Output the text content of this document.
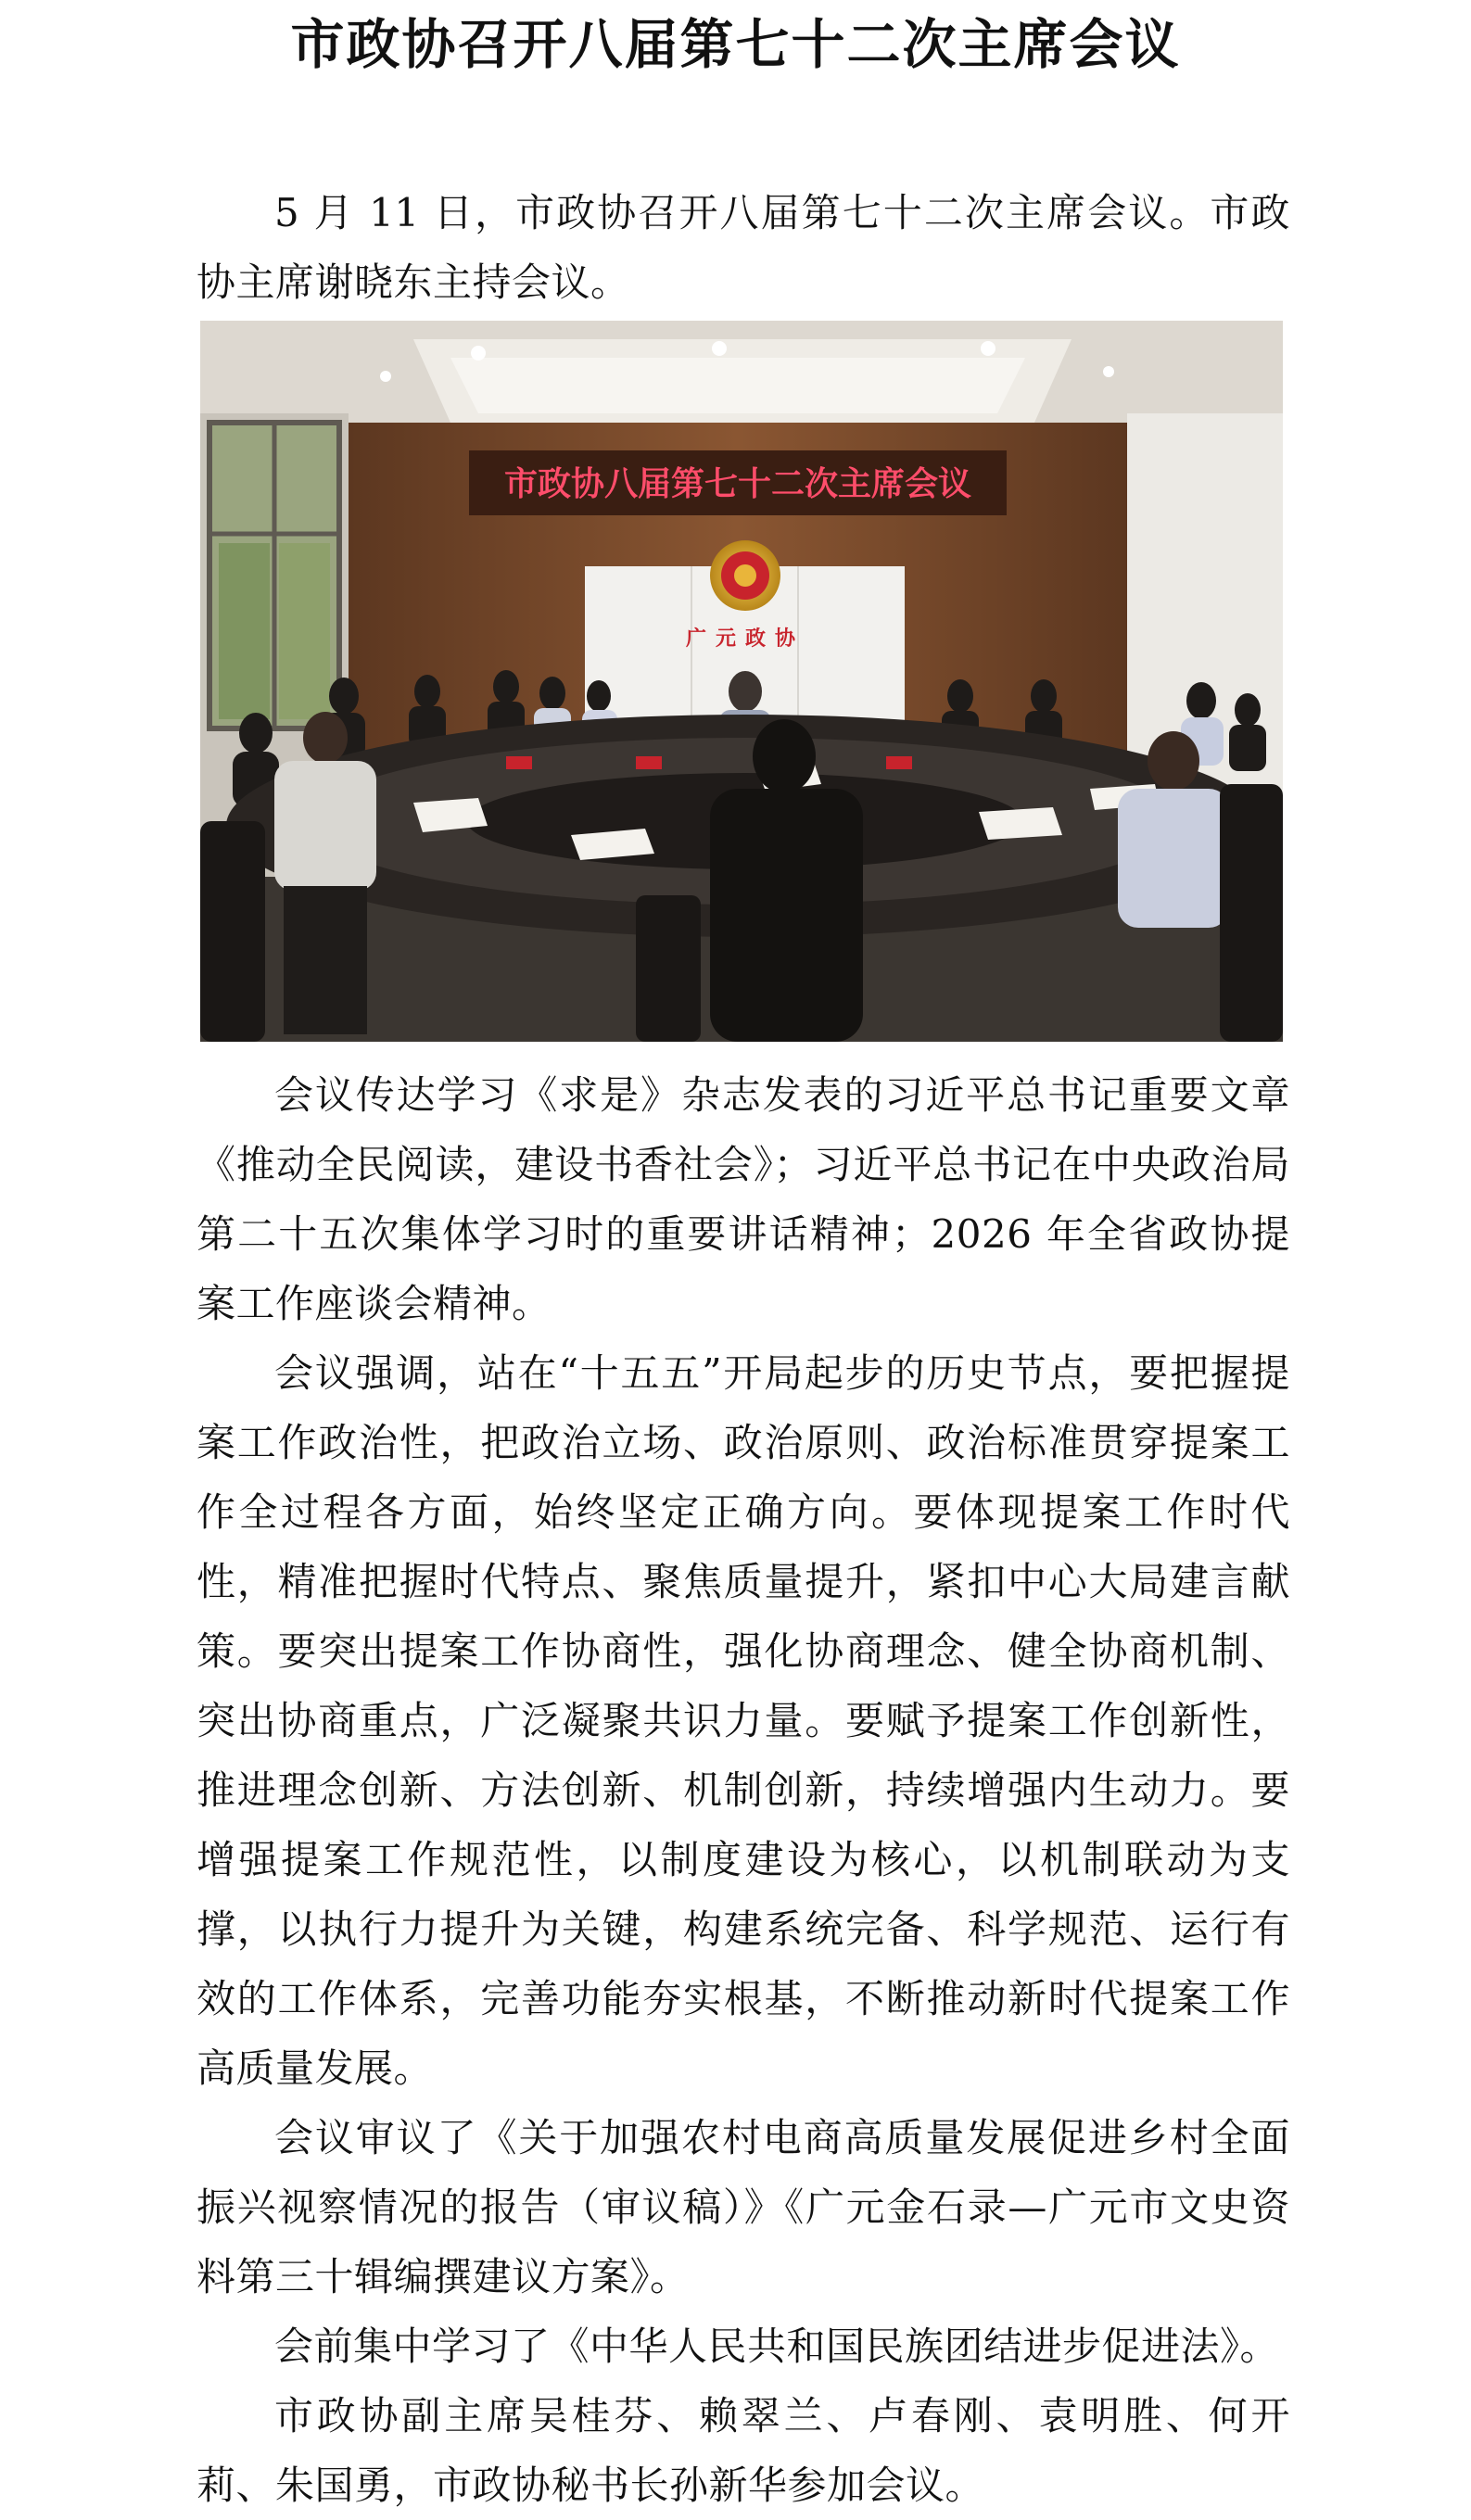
市政协召开八届第七十二次主席会议

5 月 11 日，市政协召开八届第七十二次主席会议。市政协主席谢晓东主持会议。

市政协八届第七十二次主席会议
广元政协

会议传达学习《求是》杂志发表的习近平总书记重要文章《推动全民阅读，建设书香社会》；习近平总书记在中央政治局第二十五次集体学习时的重要讲话精神；2026 年全省政协提案工作座谈会精神。

会议强调，站在“十五五”开局起步的历史节点，要把握提案工作政治性，把政治立场、政治原则、政治标准贯穿提案工作全过程各方面，始终坚定正确方向。要体现提案工作时代性，精准把握时代特点、聚焦质量提升，紧扣中心大局建言献策。要突出提案工作协商性，强化协商理念、健全协商机制、突出协商重点，广泛凝聚共识力量。要赋予提案工作创新性，推进理念创新、方法创新、机制创新，持续增强内生动力。要增强提案工作规范性，以制度建设为核心，以机制联动为支撑，以执行力提升为关键，构建系统完备、科学规范、运行有效的工作体系，完善功能夯实根基，不断推动新时代提案工作高质量发展。

会议审议了《关于加强农村电商高质量发展促进乡村全面振兴视察情况的报告（审议稿）》《广元金石录—广元市文史资料第三十辑编撰建议方案》。

会前集中学习了《中华人民共和国民族团结进步促进法》。

市政协副主席吴桂芬、赖翠兰、卢春刚、袁明胜、何开莉、朱国勇，市政协秘书长孙新华参加会议。
